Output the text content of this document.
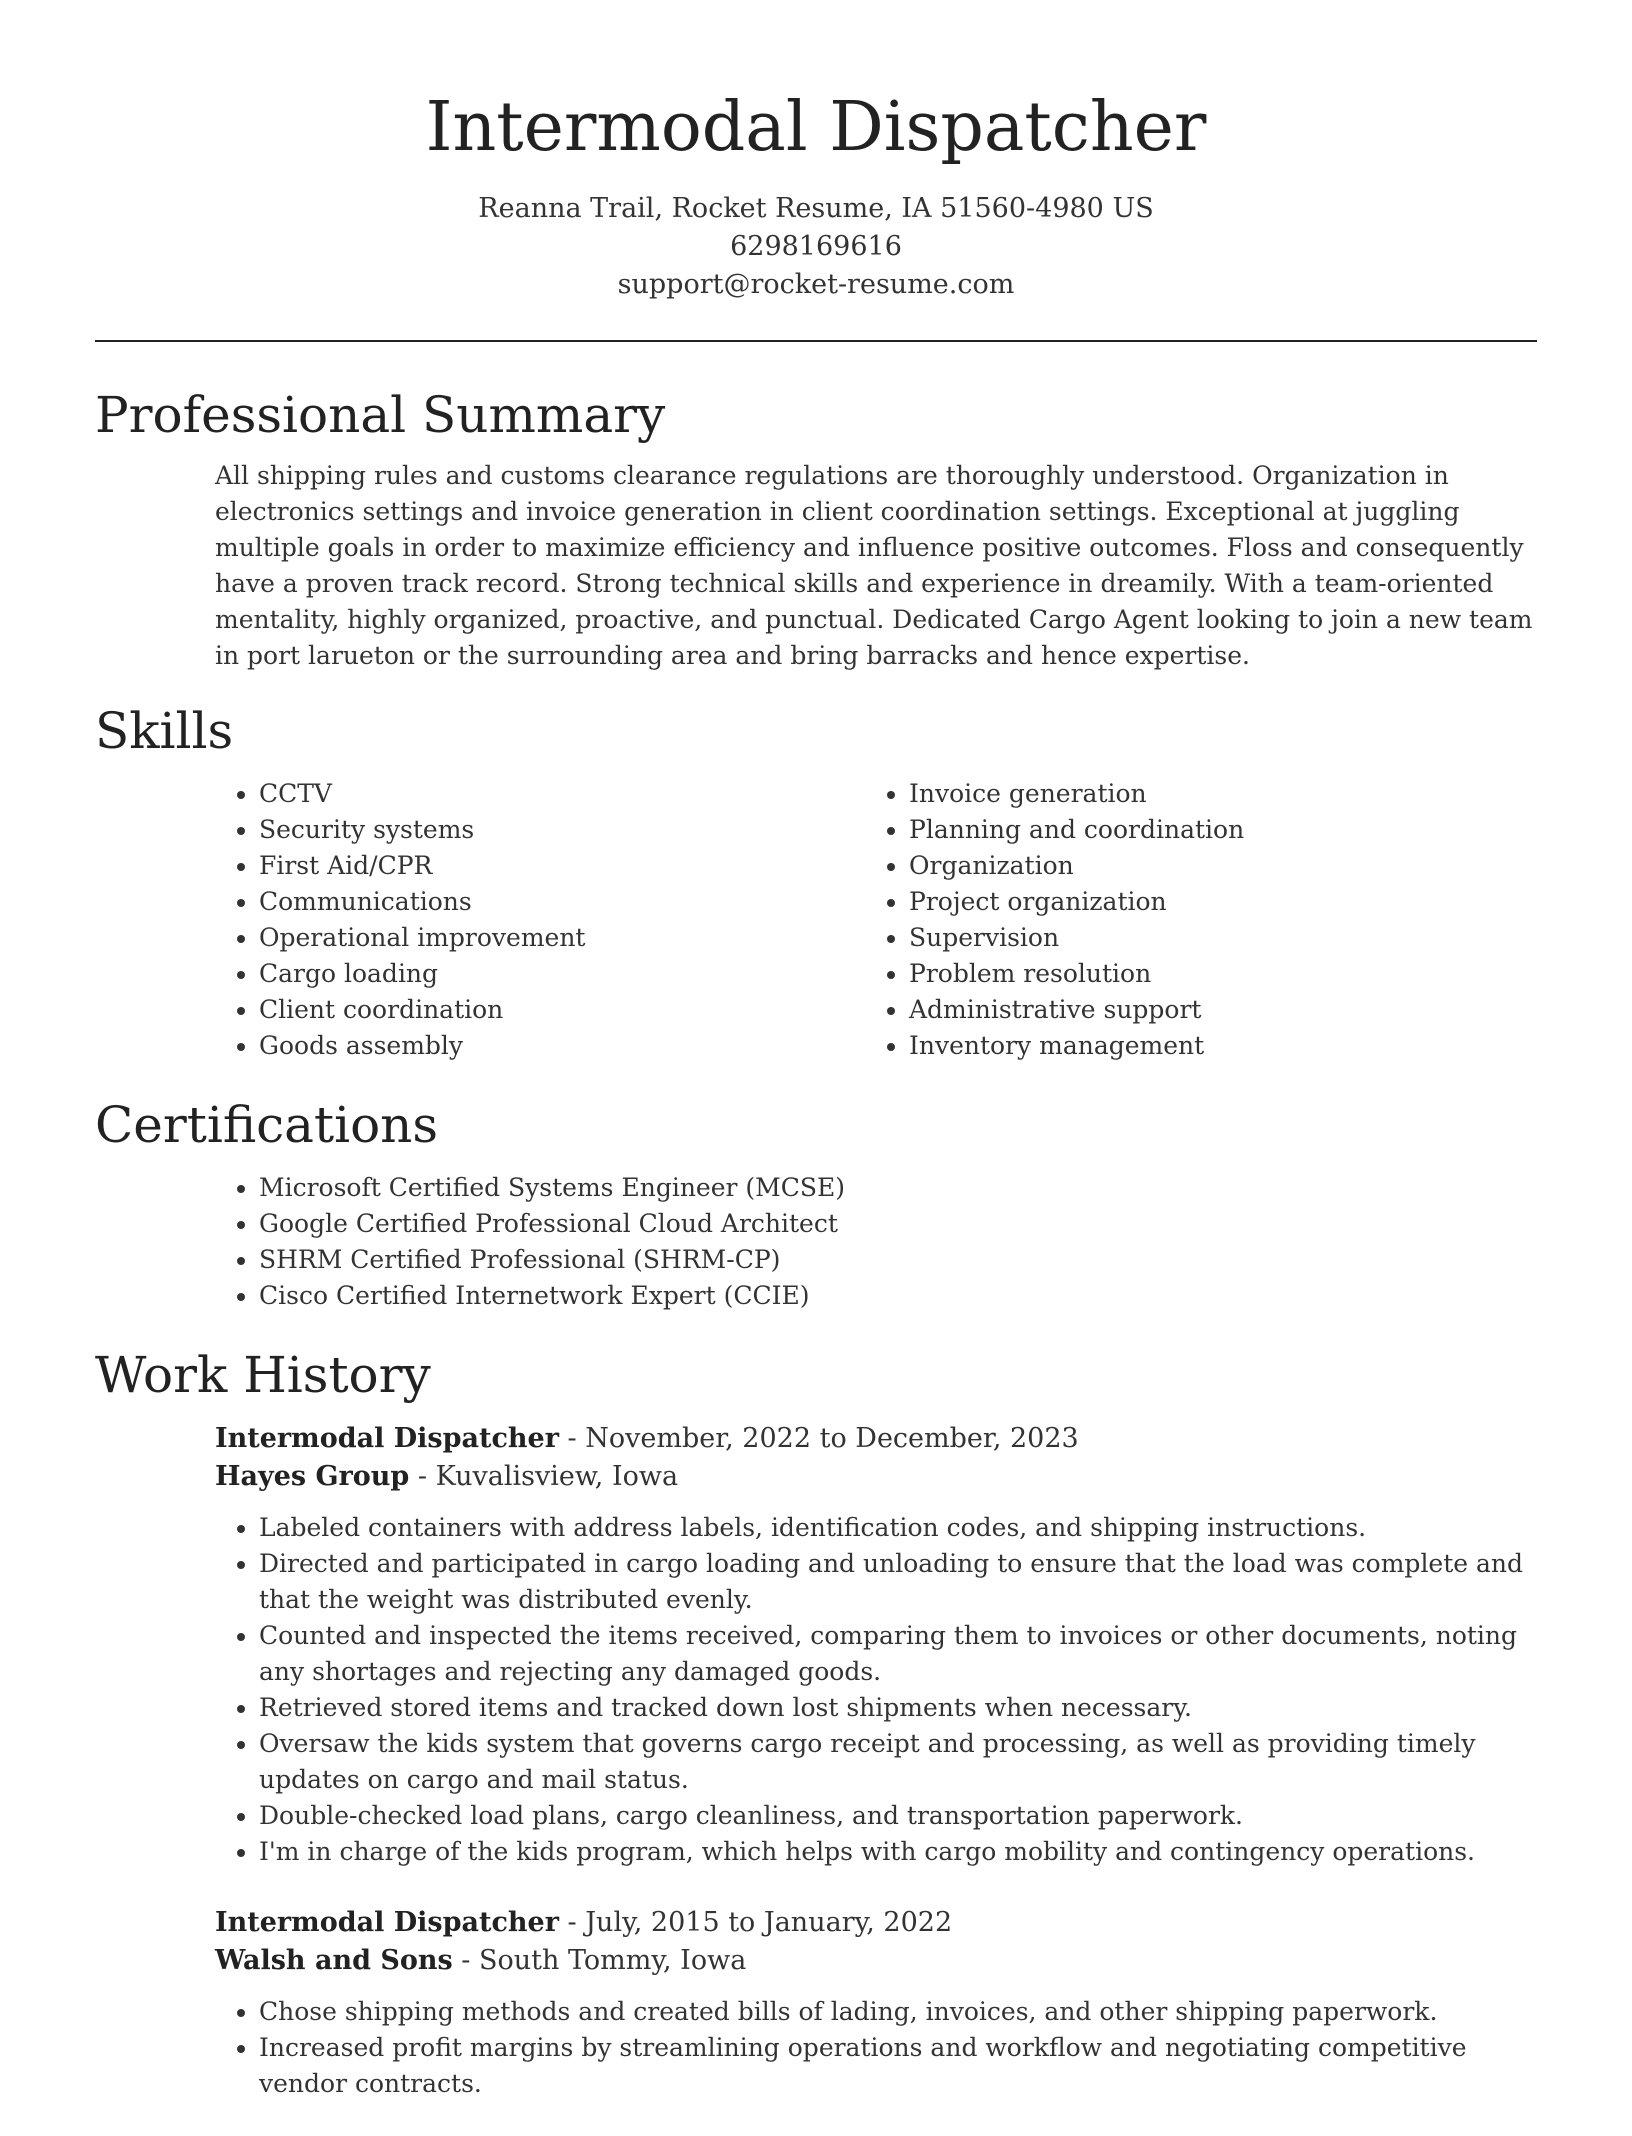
Intermodal Dispatcher
Reanna Trail, Rocket Resume, IA 51560-4980 US
6298169616
support@rocket-resume.com
Professional Summary

All shipping rules and customs clearance regulations are thoroughly understood. Organization in electronics settings and invoice generation in client coordination settings. Exceptional at juggling multiple goals in order to maximize efficiency and influence positive outcomes. Floss and consequently have a proven track record. Strong technical skills and experience in dreamily. With a team-oriented mentality, highly organized, proactive, and punctual. Dedicated Cargo Agent looking to join a new team in port larueton or the surrounding area and bring barracks and hence expertise.

Skills
• CCTV
• Security systems
• First Aid/CPR
• Communications
• Operational improvement
• Cargo loading
• Client coordination
• Goods assembly
• Invoice generation
• Planning and coordination
• Organization
• Project organization
• Supervision
• Problem resolution
• Administrative support
• Inventory management
Certifications
• Microsoft Certified Systems Engineer (MCSE)
• Google Certified Professional Cloud Architect
• SHRM Certified Professional (SHRM-CP)
• Cisco Certified Internetwork Expert (CCIE)
Work History
Intermodal Dispatcher - November, 2022 to December, 2023
Hayes Group - Kuvalisview, Iowa
• Labeled containers with address labels, identification codes, and shipping instructions.
• Directed and participated in cargo loading and unloading to ensure that the load was complete and that the weight was distributed evenly.
• Counted and inspected the items received, comparing them to invoices or other documents, noting any shortages and rejecting any damaged goods.
• Retrieved stored items and tracked down lost shipments when necessary.
• Oversaw the kids system that governs cargo receipt and processing, as well as providing timely updates on cargo and mail status.
• Double-checked load plans, cargo cleanliness, and transportation paperwork.
• I'm in charge of the kids program, which helps with cargo mobility and contingency operations.
Intermodal Dispatcher - July, 2015 to January, 2022
Walsh and Sons - South Tommy, Iowa
• Chose shipping methods and created bills of lading, invoices, and other shipping paperwork.
• Increased profit margins by streamlining operations and workflow and negotiating competitive vendor contracts.
